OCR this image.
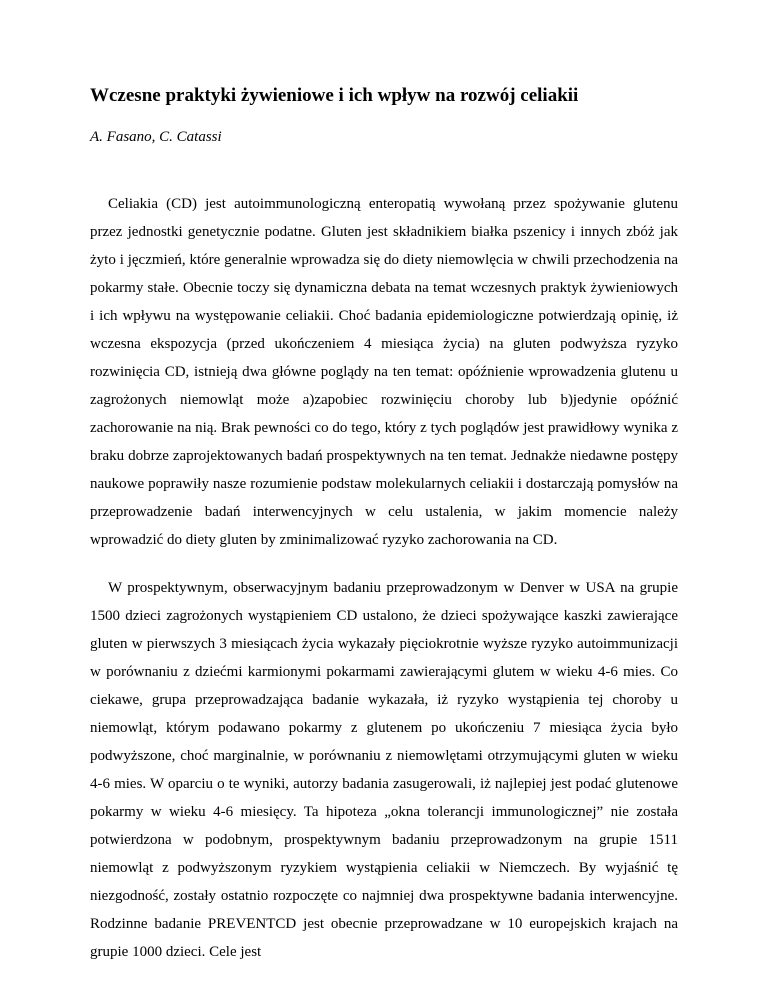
Wczesne praktyki żywieniowe i ich wpływ na rozwój celiakii

A. Fasano, C. Catassi

Celiakia (CD) jest autoimmunologiczną enteropatią wywołaną przez spożywanie glutenu przez jednostki genetycznie podatne. Gluten jest składnikiem białka pszenicy i innych zbóż jak żyto i jęczmień, które generalnie wprowadza się do diety niemowlęcia w chwili przechodzenia na pokarmy stałe. Obecnie toczy się dynamiczna debata na temat wczesnych praktyk żywieniowych i ich wpływu na występowanie celiakii. Choć badania epidemiologiczne potwierdzają opinię, iż wczesna ekspozycja (przed ukończeniem 4 miesiąca życia) na gluten podwyższa ryzyko rozwinięcia CD, istnieją dwa główne poglądy na ten temat: opóźnienie wprowadzenia glutenu u zagrożonych niemowląt może a)zapobiec rozwinięciu choroby lub b)jedynie opóźnić zachorowanie na nią. Brak pewności co do tego, który z tych poglądów jest prawidłowy wynika z braku dobrze zaprojektowanych badań prospektywnych na ten temat. Jednakże niedawne postępy naukowe poprawiły nasze rozumienie podstaw molekularnych celiakii i dostarczają pomysłów na przeprowadzenie badań interwencyjnych w celu ustalenia, w jakim momencie należy wprowadzić do diety gluten by zminimalizować ryzyko zachorowania na CD.

W prospektywnym, obserwacyjnym badaniu przeprowadzonym w Denver w USA na grupie 1500 dzieci zagrożonych wystąpieniem CD ustalono, że dzieci spożywające kaszki zawierające gluten w pierwszych 3 miesiącach życia wykazały pięciokrotnie wyższe ryzyko autoimmunizacji w porównaniu z dziećmi karmionymi pokarmami zawierającymi glutem w wieku 4-6 mies. Co ciekawe, grupa przeprowadzająca badanie wykazała, iż ryzyko wystąpienia tej choroby u niemowląt, którym podawano pokarmy z glutenem po ukończeniu 7 miesiąca życia było podwyższone, choć marginalnie, w porównaniu z niemowlętami otrzymującymi gluten w wieku 4-6 mies. W oparciu o te wyniki, autorzy badania zasugerowali, iż najlepiej jest podać glutenowe pokarmy w wieku 4-6 miesięcy. Ta hipoteza „okna tolerancji immunologicznej” nie została potwierdzona w podobnym, prospektywnym badaniu przeprowadzonym na grupie 1511 niemowląt z podwyższonym ryzykiem wystąpienia celiakii w Niemczech. By wyjaśnić tę niezgodność, zostały ostatnio rozpoczęte co najmniej dwa prospektywne badania interwencyjne. Rodzinne badanie PREVENTCD jest obecnie przeprowadzane w 10 europejskich krajach na grupie 1000 dzieci. Cele jest
